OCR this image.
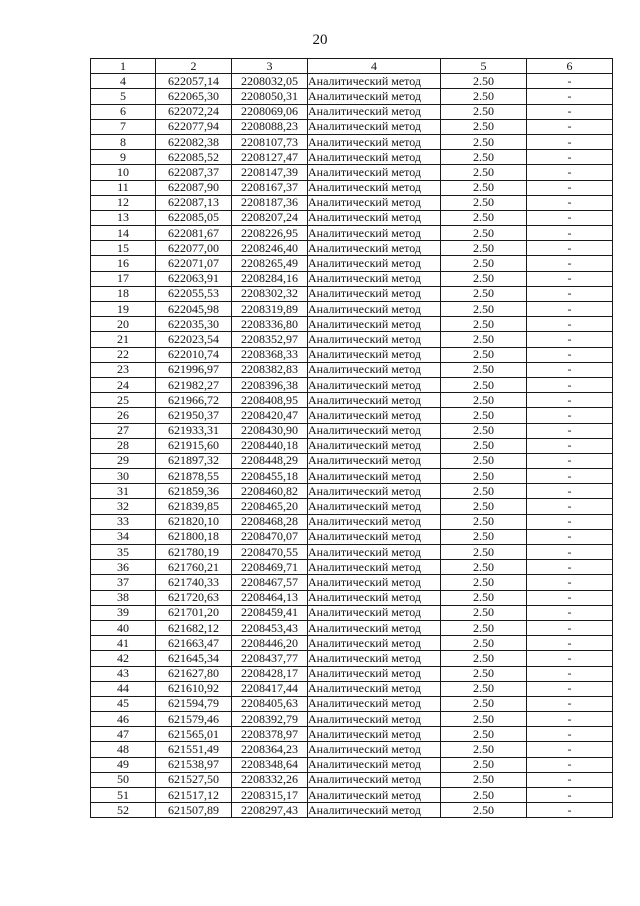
20
1	2	3	4	5	6
4	622057,14	2208032,05	Аналитический метод	2.50	-
5	622065,30	2208050,31	Аналитический метод	2.50	-
6	622072,24	2208069,06	Аналитический метод	2.50	-
7	622077,94	2208088,23	Аналитический метод	2.50	-
8	622082,38	2208107,73	Аналитический метод	2.50	-
9	622085,52	2208127,47	Аналитический метод	2.50	-
10	622087,37	2208147,39	Аналитический метод	2.50	-
11	622087,90	2208167,37	Аналитический метод	2.50	-
12	622087,13	2208187,36	Аналитический метод	2.50	-
13	622085,05	2208207,24	Аналитический метод	2.50	-
14	622081,67	2208226,95	Аналитический метод	2.50	-
15	622077,00	2208246,40	Аналитический метод	2.50	-
16	622071,07	2208265,49	Аналитический метод	2.50	-
17	622063,91	2208284,16	Аналитический метод	2.50	-
18	622055,53	2208302,32	Аналитический метод	2.50	-
19	622045,98	2208319,89	Аналитический метод	2.50	-
20	622035,30	2208336,80	Аналитический метод	2.50	-
21	622023,54	2208352,97	Аналитический метод	2.50	-
22	622010,74	2208368,33	Аналитический метод	2.50	-
23	621996,97	2208382,83	Аналитический метод	2.50	-
24	621982,27	2208396,38	Аналитический метод	2.50	-
25	621966,72	2208408,95	Аналитический метод	2.50	-
26	621950,37	2208420,47	Аналитический метод	2.50	-
27	621933,31	2208430,90	Аналитический метод	2.50	-
28	621915,60	2208440,18	Аналитический метод	2.50	-
29	621897,32	2208448,29	Аналитический метод	2.50	-
30	621878,55	2208455,18	Аналитический метод	2.50	-
31	621859,36	2208460,82	Аналитический метод	2.50	-
32	621839,85	2208465,20	Аналитический метод	2.50	-
33	621820,10	2208468,28	Аналитический метод	2.50	-
34	621800,18	2208470,07	Аналитический метод	2.50	-
35	621780,19	2208470,55	Аналитический метод	2.50	-
36	621760,21	2208469,71	Аналитический метод	2.50	-
37	621740,33	2208467,57	Аналитический метод	2.50	-
38	621720,63	2208464,13	Аналитический метод	2.50	-
39	621701,20	2208459,41	Аналитический метод	2.50	-
40	621682,12	2208453,43	Аналитический метод	2.50	-
41	621663,47	2208446,20	Аналитический метод	2.50	-
42	621645,34	2208437,77	Аналитический метод	2.50	-
43	621627,80	2208428,17	Аналитический метод	2.50	-
44	621610,92	2208417,44	Аналитический метод	2.50	-
45	621594,79	2208405,63	Аналитический метод	2.50	-
46	621579,46	2208392,79	Аналитический метод	2.50	-
47	621565,01	2208378,97	Аналитический метод	2.50	-
48	621551,49	2208364,23	Аналитический метод	2.50	-
49	621538,97	2208348,64	Аналитический метод	2.50	-
50	621527,50	2208332,26	Аналитический метод	2.50	-
51	621517,12	2208315,17	Аналитический метод	2.50	-
52	621507,89	2208297,43	Аналитический метод	2.50	-
